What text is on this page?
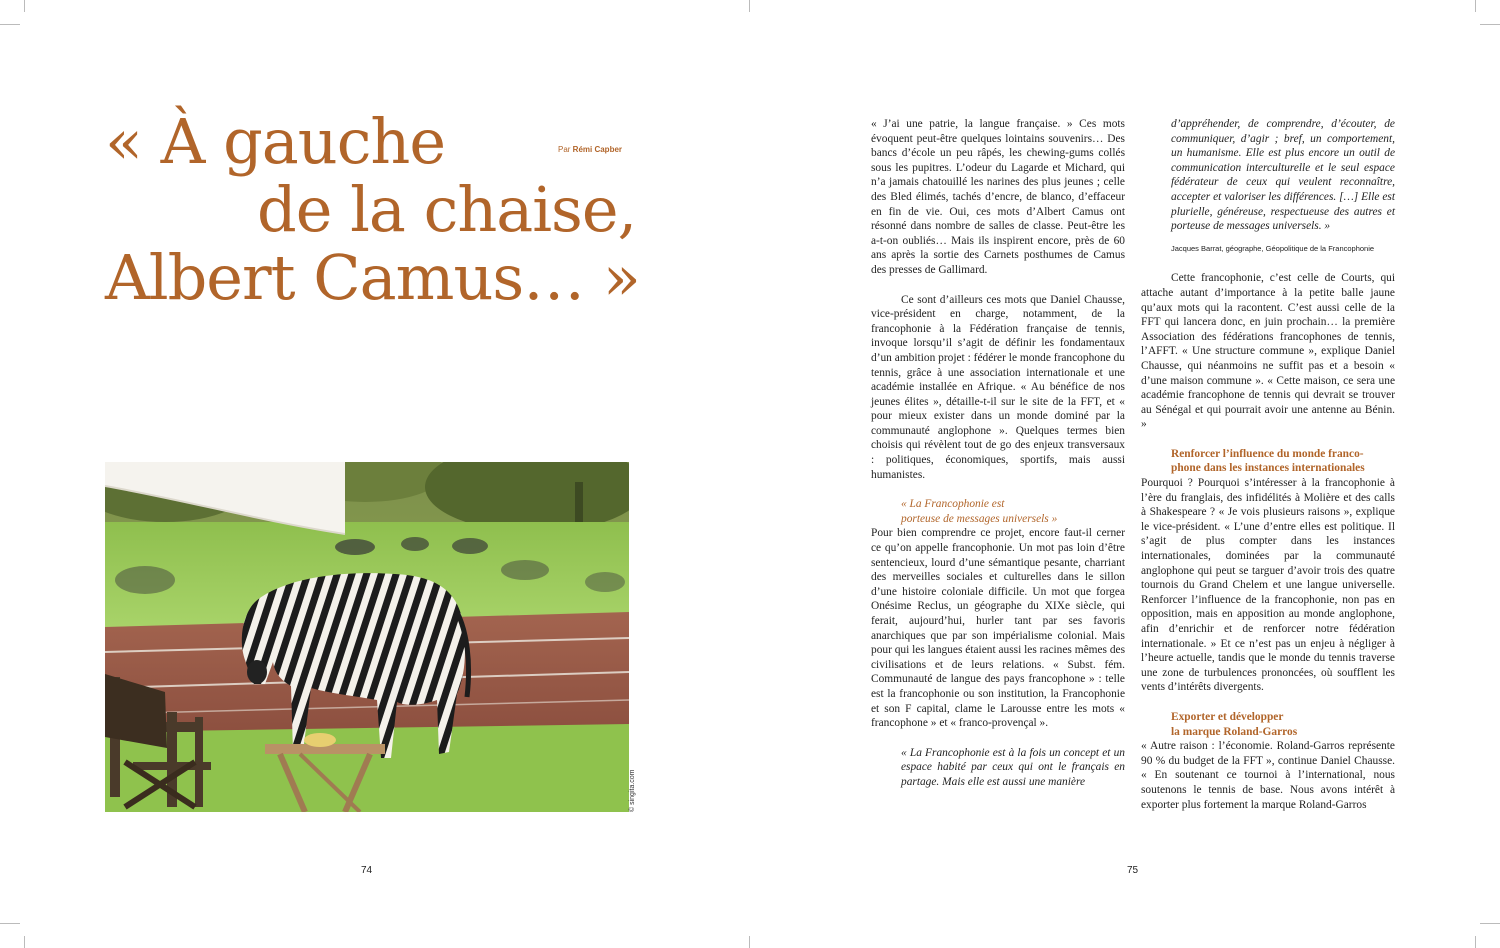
« À gauche
de la chaise,
Albert Camus… »
Par Rémi Capber
© singita.com
74	75

« J’ai une patrie, la langue française. » Ces mots évoquent peut-être quelques lointains souvenirs… Des bancs d’école un peu râpés, les chewing-gums collés sous les pupitres. L’odeur du Lagarde et Michard, qui n’a jamais chatouillé les narines des plus jeunes ; celle des Bled élimés, tachés d’encre, de blanco, d’effaceur en fin de vie. Oui, ces mots d’Albert Camus ont résonné dans nombre de salles de classe. Peut-être les a-t-on oubliés… Mais ils inspirent encore, près de 60 ans après la sortie des Carnets posthumes de Camus des presses de Gallimard.

Ce sont d’ailleurs ces mots que Daniel Chausse, vice-président en charge, notamment, de la francophonie à la Fédération française de tennis, invoque lorsqu’il s’agit de définir les fondamentaux d’un ambition projet : fédérer le monde francophone du tennis, grâce à une association internationale et une académie installée en Afrique. « Au bénéfice de nos jeunes élites », détaille-t-il sur le site de la FFT, et « pour mieux exister dans un monde dominé par la communauté anglophone ». Quelques termes bien choisis qui révèlent tout de go des enjeux transversaux : politiques, économiques, sportifs, mais aussi humanistes.

« La Francophonie est

porteuse de messages universels »

Pour bien comprendre ce projet, encore faut-il cerner ce qu’on appelle francophonie. Un mot pas loin d’être sentencieux, lourd d’une sémantique pesante, charriant des merveilles sociales et culturelles dans le sillon d’une histoire coloniale difficile. Un mot que forgea Onésime Reclus, un géographe du XIXe siècle, qui ferait, aujourd’hui, hurler tant par ses favoris anarchiques que par son impérialisme colonial. Mais pour qui les langues étaient aussi les racines mêmes des civilisations et de leurs relations. « Subst. fém. Communauté de langue des pays francophone » : telle est la francophonie ou son institution, la Francophonie et son F capital, clame le Larousse entre les mots « francophone » et « franco-provençal ».

« La Francophonie est à la fois un concept et un espace habité par ceux qui ont le français en partage. Mais elle est aussi une manière

d’appréhender, de comprendre, d’écouter, de communiquer, d’agir ; bref, un comportement, un humanisme. Elle est plus encore un outil de communication interculturelle et le seul espace fédérateur de ceux qui veulent reconnaître, accepter et valoriser les différences. […] Elle est plurielle, généreuse, respectueuse des autres et porteuse de messages universels. »

Jacques Barrat, géographe, Géopolitique de la Francophonie

Cette francophonie, c’est celle de Courts, qui attache autant d’importance à la petite balle jaune qu’aux mots qui la racontent. C’est aussi celle de la FFT qui lancera donc, en juin prochain… la première Association des fédérations francophones de tennis, l’AFFT. « Une structure commune », explique Daniel Chausse, qui néanmoins ne suffit pas et a besoin « d’une maison commune ». « Cette maison, ce sera une académie francophone de tennis qui devrait se trouver au Sénégal et qui pourrait avoir une antenne au Bénin. »

Renforcer l’influence du monde franco-

phone dans les instances internationales

Pourquoi ? Pourquoi s’intéresser à la francophonie à l’ère du franglais, des infidélités à Molière et des calls à Shakespeare ? « Je vois plusieurs raisons », explique le vice-président. « L’une d’entre elles est politique. Il s’agit de plus compter dans les instances internationales, dominées par la communauté anglophone qui peut se targuer d’avoir trois des quatre tournois du Grand Chelem et une langue universelle. Renforcer l’influence de la francophonie, non pas en opposition, mais en apposition au monde anglophone, afin d’enrichir et de renforcer notre fédération internationale. » Et ce n’est pas un enjeu à négliger à l’heure actuelle, tandis que le monde du tennis traverse une zone de turbulences prononcées, où soufflent les vents d’intérêts divergents.

Exporter et développer

la marque Roland-Garros

« Autre raison : l’économie. Roland-Garros représente 90 % du budget de la FFT », continue Daniel Chausse. « En soutenant ce tournoi à l’international, nous soutenons le tennis de base. Nous avons intérêt à exporter plus fortement la marque Roland-Garros
